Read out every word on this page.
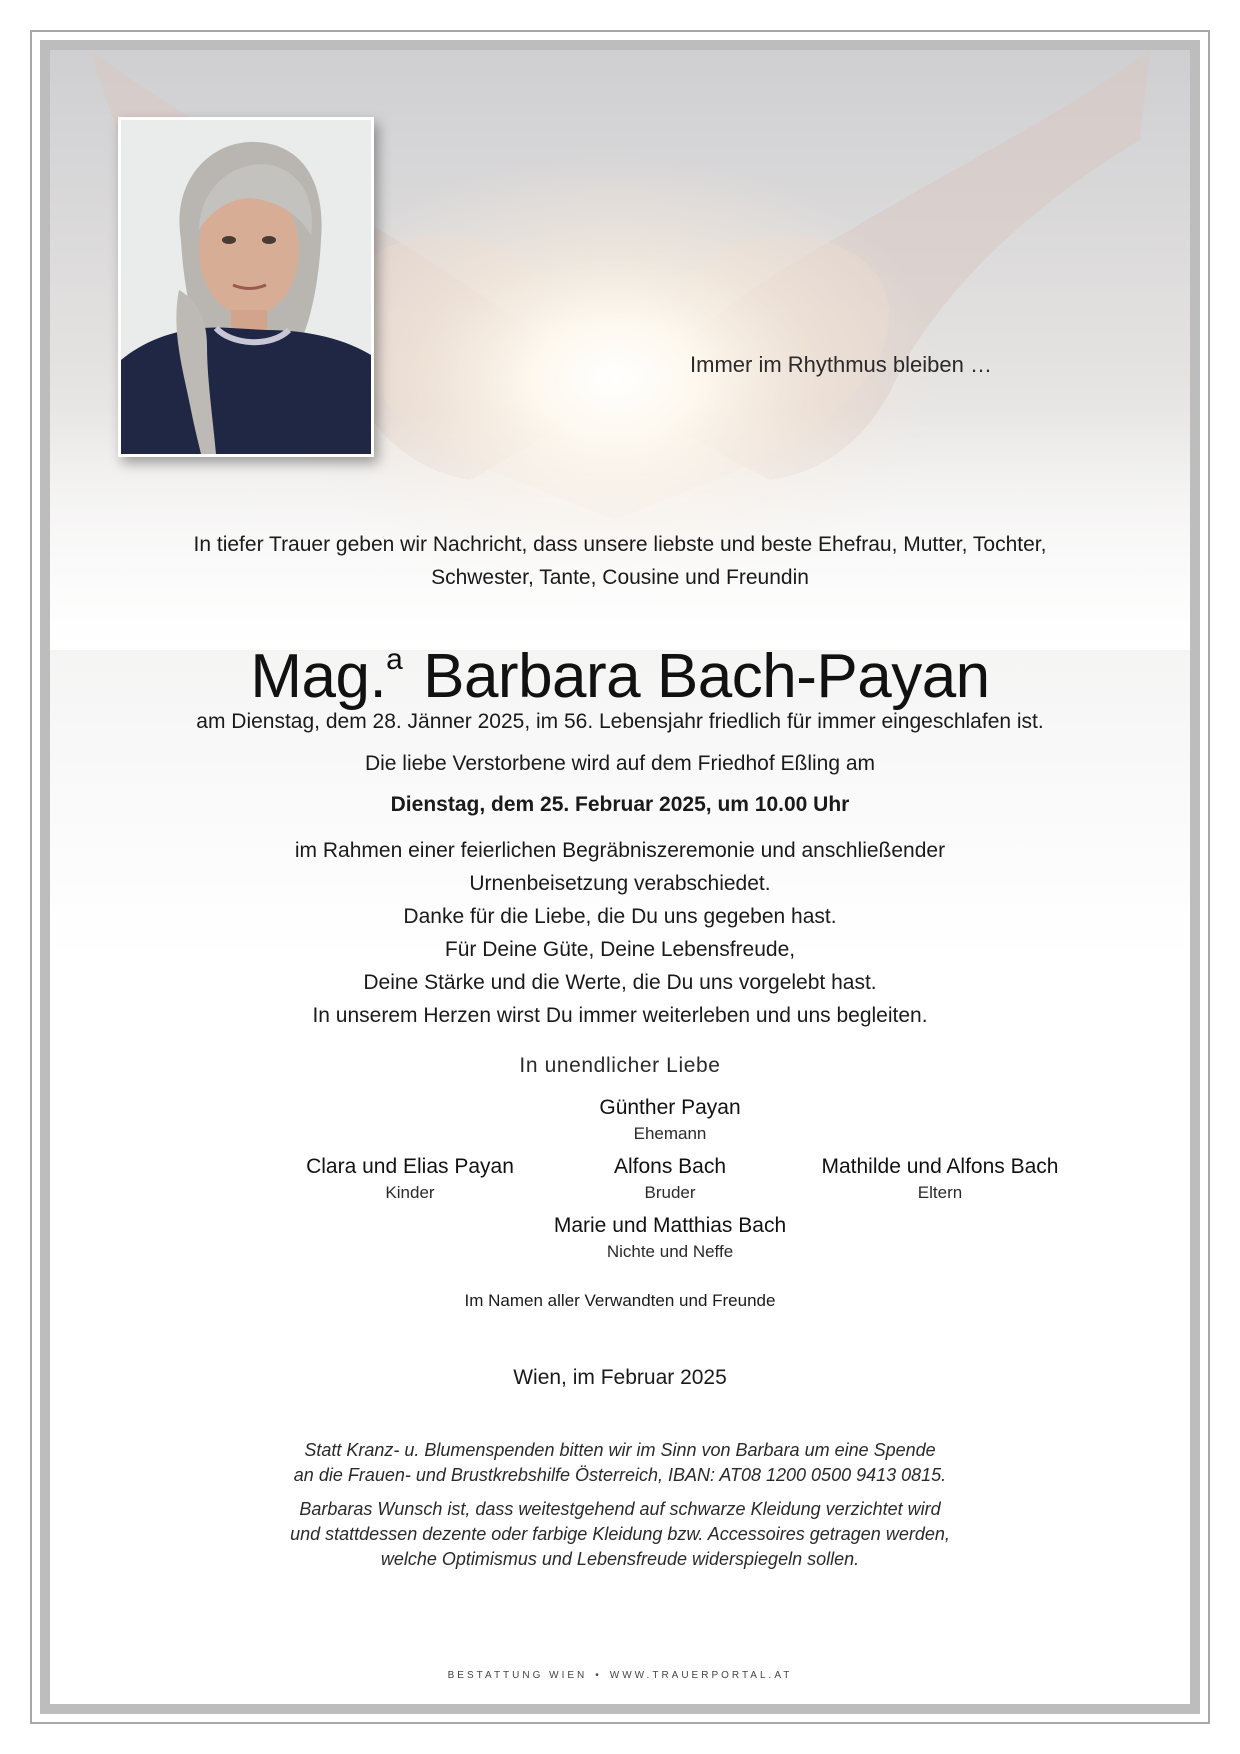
Immer im Rhythmus bleiben …
In tiefer Trauer geben wir Nachricht, dass unsere liebste und beste Ehefrau, Mutter, Tochter,
Schwester, Tante, Cousine und Freundin
Mag.$^a$ Barbara Bach-Payan
am Dienstag, dem 28. Jänner 2025, im 56. Lebensjahr friedlich für immer eingeschlafen ist.
Die liebe Verstorbene wird auf dem Friedhof Eßling am
Dienstag, dem 25. Februar 2025, um 10.00 Uhr
im Rahmen einer feierlichen Begräbniszeremonie und anschließender
Urnenbeisetzung verabschiedet.
Danke für die Liebe, die Du uns gegeben hast.
Für Deine Güte, Deine Lebensfreude,
Deine Stärke und die Werte, die Du uns vorgelebt hast.
In unserem Herzen wirst Du immer weiterleben und uns begleiten.
In unendlicher Liebe
Günther Payan
Ehemann
Clara und Elias Payan
Kinder
Alfons Bach
Bruder
Mathilde und Alfons Bach
Eltern
Marie und Matthias Bach
Nichte und Neffe
Im Namen aller Verwandten und Freunde
Wien, im Februar 2025
Statt Kranz- u. Blumenspenden bitten wir im Sinn von Barbara um eine Spende
an die Frauen- und Brustkrebshilfe Österreich, IBAN: AT08 1200 0500 9413 0815.
Barbaras Wunsch ist, dass weitestgehend auf schwarze Kleidung verzichtet wird
und stattdessen dezente oder farbige Kleidung bzw. Accessoires getragen werden,
welche Optimismus und Lebensfreude widerspiegeln sollen.
BESTATTUNG WIEN • WWW.TRAUERPORTAL.AT
